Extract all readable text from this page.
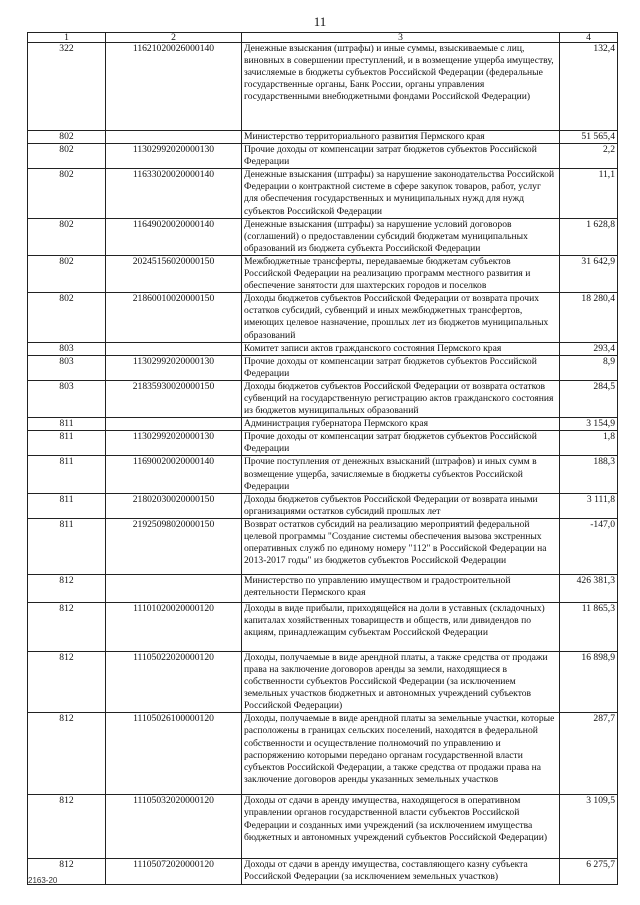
11
1	2	3	4
322	11621020026000140	Денежные взыскания (штрафы) и иные суммы, взыскиваемые с лиц, виновных в совершении преступлений, и в возмещение ущерба имуществу, зачисляемые в бюджеты субъектов Российской Федерации (федеральные государственные органы, Банк России, органы управления государственными внебюджетными фондами Российской Федерации)	132,4
802		Министерство территориального развития Пермского края	51 565,4
802	11302992020000130	Прочие доходы от компенсации затрат бюджетов субъектов Российской Федерации	2,2
802	11633020020000140	Денежные взыскания (штрафы) за нарушение законодательства Российской Федерации о контрактной системе в сфере закупок товаров, работ, услуг для обеспечения государственных и муниципальных нужд для нужд субъектов Российской Федерации	11,1
802	11649020020000140	Денежные взыскания (штрафы) за нарушение условий договоров (соглашений) о предоставлении субсидий бюджетам муниципальных образований из бюджета субъекта Российской Федерации	1 628,8
802	20245156020000150	Межбюджетные трансферты, передаваемые бюджетам субъектов Российской Федерации на реализацию программ местного развития и обеспечение занятости для шахтерских городов и поселков	31 642,9
802	21860010020000150	Доходы бюджетов субъектов Российской Федерации от возврата прочих остатков субсидий, субвенций и иных межбюджетных трансфертов, имеющих целевое назначение, прошлых лет из бюджетов муниципальных образований	18 280,4
803		Комитет записи актов гражданского состояния Пермского края	293,4
803	11302992020000130	Прочие доходы от компенсации затрат бюджетов субъектов Российской Федерации	8,9
803	21835930020000150	Доходы бюджетов субъектов Российской Федерации от возврата остатков субвенций на государственную регистрацию актов гражданского состояния из бюджетов муниципальных образований	284,5
811		Администрация губернатора Пермского края	3 154,9
811	11302992020000130	Прочие доходы от компенсации затрат бюджетов субъектов Российской Федерации	1,8
811	11690020020000140	Прочие поступления от денежных взысканий (штрафов) и иных сумм в возмещение ущерба, зачисляемые в бюджеты субъектов Российской Федерации	188,3
811	21802030020000150	Доходы бюджетов субъектов Российской Федерации от возврата иными организациями остатков субсидий прошлых лет	3 111,8
811	21925098020000150	Возврат остатков субсидий на реализацию мероприятий федеральной целевой программы "Создание системы обеспечения вызова экстренных оперативных служб по единому номеру "112" в Российской Федерации на 2013-2017 годы" из бюджетов субъектов Российской Федерации	-147,0
812		Министерство по управлению имуществом и градостроительной деятельности Пермского края	426 381,3
812	11101020020000120	Доходы в виде прибыли, приходящейся на доли в уставных (складочных) капиталах хозяйственных товариществ и обществ, или дивидендов по акциям, принадлежащим субъектам Российской Федерации	11 865,3
812	11105022020000120	Доходы, получаемые в виде арендной платы, а также средства от продажи права на заключение договоров аренды за земли, находящиеся в собственности субъектов Российской Федерации (за исключением земельных участков бюджетных и автономных учреждений субъектов Российской Федерации)	16 898,9
812	11105026100000120	Доходы, получаемые в виде арендной платы за земельные участки, которые расположены в границах сельских поселений, находятся в федеральной собственности и осуществление полномочий по управлению и распоряжению которыми передано органам государственной власти субъектов Российской Федерации, а также средства от продажи права на заключение договоров аренды указанных земельных участков	287,7
812	11105032020000120	Доходы от сдачи в аренду имущества, находящегося в оперативном управлении органов государственной власти субъектов Российской Федерации и созданных ими учреждений (за исключением имущества бюджетных и автономных учреждений субъектов Российской Федерации)	3 109,5
812	11105072020000120	Доходы от сдачи в аренду имущества, составляющего казну субъекта Российской Федерации (за исключением земельных участков)	6 275,7
2163-20
